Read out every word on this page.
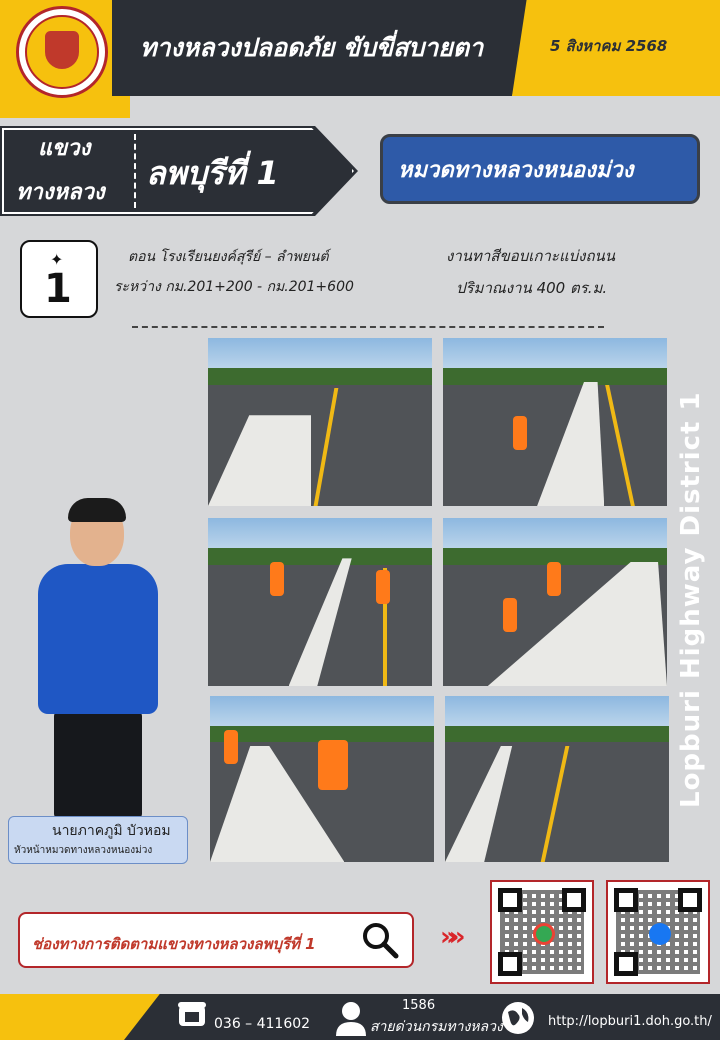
ทางหลวงปลอดภัย ขับขี่สบายตา	5 สิงหาคม 2568
แขวง
ทางหลวง
ลพบุรีที่ 1	หมวดทางหลวงหนองม่วง
✦
1
ตอน โรงเรียนยงค์สุรีย์ – ลำพยนต์
ระหว่าง กม.201+200 - กม.201+600
งานทาสีขอบเกาะแบ่งถนน
ปริมาณงาน 400 ตร.ม.
Lopburi Highway District 1
นายภาคภูมิ บัวหอม
หัวหน้าหมวดทางหลวงหนองม่วง
ช่องทางการติดตามแขวงทางหลวงลพบุรีที่ 1	»»
036 – 411602
1586
สายด่วนกรมทางหลวง	http://lopburi1.doh.go.th/
